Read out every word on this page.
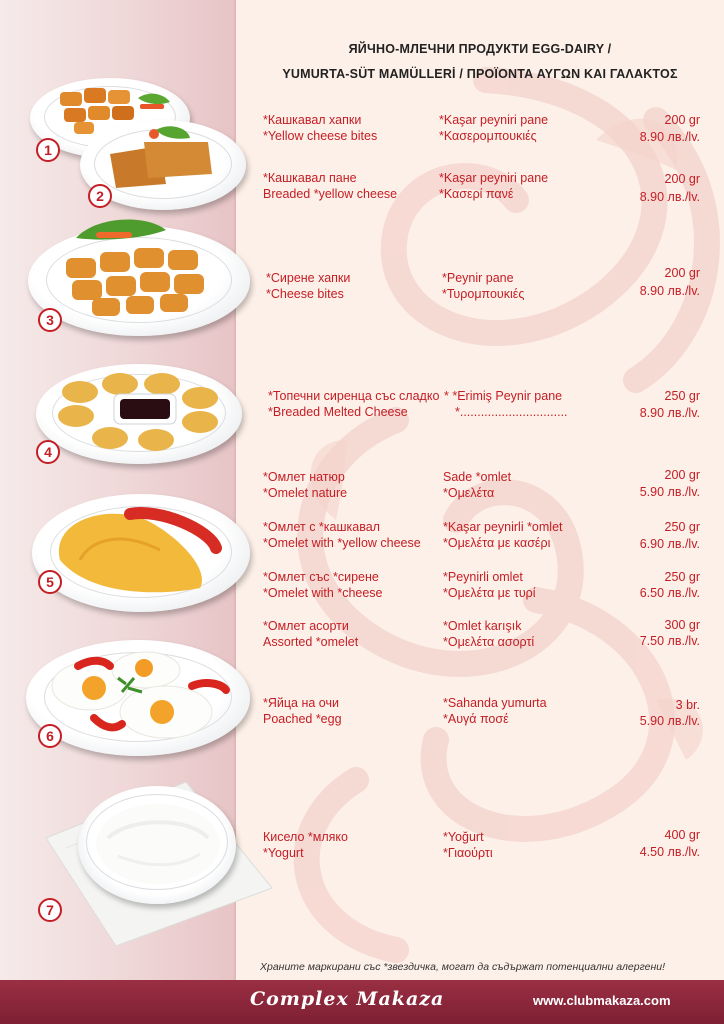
ЯЙЧНО-МЛЕЧНИ ПРОДУКТИ EGG-DAIRY /
YUMURTA-SÜT MAMÜLLERİ / ΠΡΟΪΟΝΤΑ ΑΥΓΩΝ ΚΑΙ ΓΑΛΑΚΤΟΣ
1
2
3
4
5
6
7
*Кашкавал хапки
*Yellow cheese bites
*Kaşar peyniri pane
*Κασερομπουκιές
200 gr
8.90 лв./lv.
*Кашкавал пане
Breaded *yellow cheese
*Kaşar peyniri pane
*Κασερί πανέ
200 gr
8.90 лв./lv.
*Сирене хапки
*Cheese bites
*Peynir pane
*Τυρομπουκιές
200 gr
8.90 лв./lv.
*Топечни сиренца със сладко
*Breaded Melted Cheese
* *Erimiş Peynir pane
*...............................
250 gr
8.90 лв./lv.
*Омлет натюр
*Omelet nature
Sade *omlet
*Ομελέτα
200 gr
5.90 лв./lv.
*Омлет с *кашкавал
*Omelet with *yellow cheese
*Kaşar peynirli *omlet
*Ομελέτα με κασέρι
250 gr
6.90 лв./lv.
*Омлет със *сирене
*Omelet with *cheese
*Peynirli omlet
*Ομελέτα με τυρί
250 gr
6.50 лв./lv.
*Омлет асорти
Assorted *omelet
*Omlet karışık
*Ομελέτα ασορτί
300 gr
7.50 лв./lv.
*Яйца на очи
Poached *egg
*Sahanda yumurta
*Αυγά ποσέ
3 br.
5.90 лв./lv.
Кисело *мляко
*Yogurt
*Yoğurt
*Γιαούρτι
400 gr
4.50 лв./lv.
Храните маркирани със *звездичка, могат да съдържат потенциални алергени!
Complex Makaza	www.clubmakaza.com
